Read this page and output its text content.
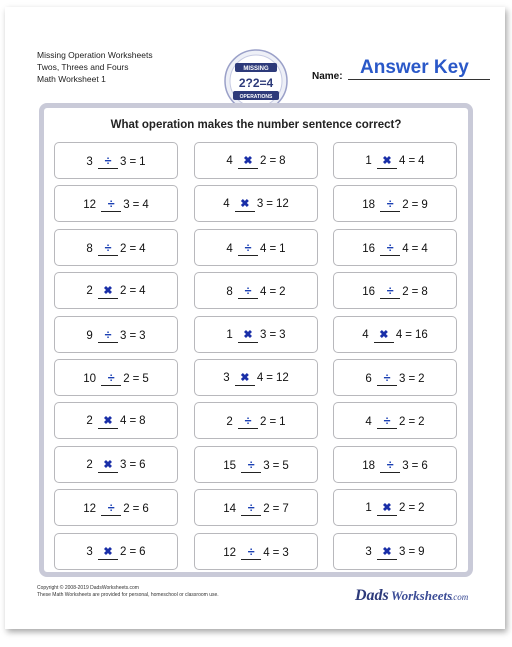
Missing Operation Worksheets
Twos, Threes and Fours
Math Worksheet 1
MISSING
2?2=4
OPERATIONS
Name: Answer Key
What operation makes the number sentence correct?
3 ÷ 3 = 1	4 ✖ 2 = 8	1 ✖ 4 = 4
12 ÷ 3 = 4	4 ✖ 3 = 12	18 ÷ 2 = 9
8 ÷ 2 = 4	4 ÷ 4 = 1	16 ÷ 4 = 4
2 ✖ 2 = 4	8 ÷ 4 = 2	16 ÷ 2 = 8
9 ÷ 3 = 3	1 ✖ 3 = 3	4 ✖ 4 = 16
10 ÷ 2 = 5	3 ✖ 4 = 12	6 ÷ 3 = 2
2 ✖ 4 = 8	2 ÷ 2 = 1	4 ÷ 2 = 2
2 ✖ 3 = 6	15 ÷ 3 = 5	18 ÷ 3 = 6
12 ÷ 2 = 6	14 ÷ 2 = 7	1 ✖ 2 = 2
3 ✖ 2 = 6	12 ÷ 4 = 3	3 ✖ 3 = 9
Copyright © 2008-2019 DadsWorksheets.com
These Math Worksheets are provided for personal, homeschool or classroom use.	Dads Worksheets
.com
